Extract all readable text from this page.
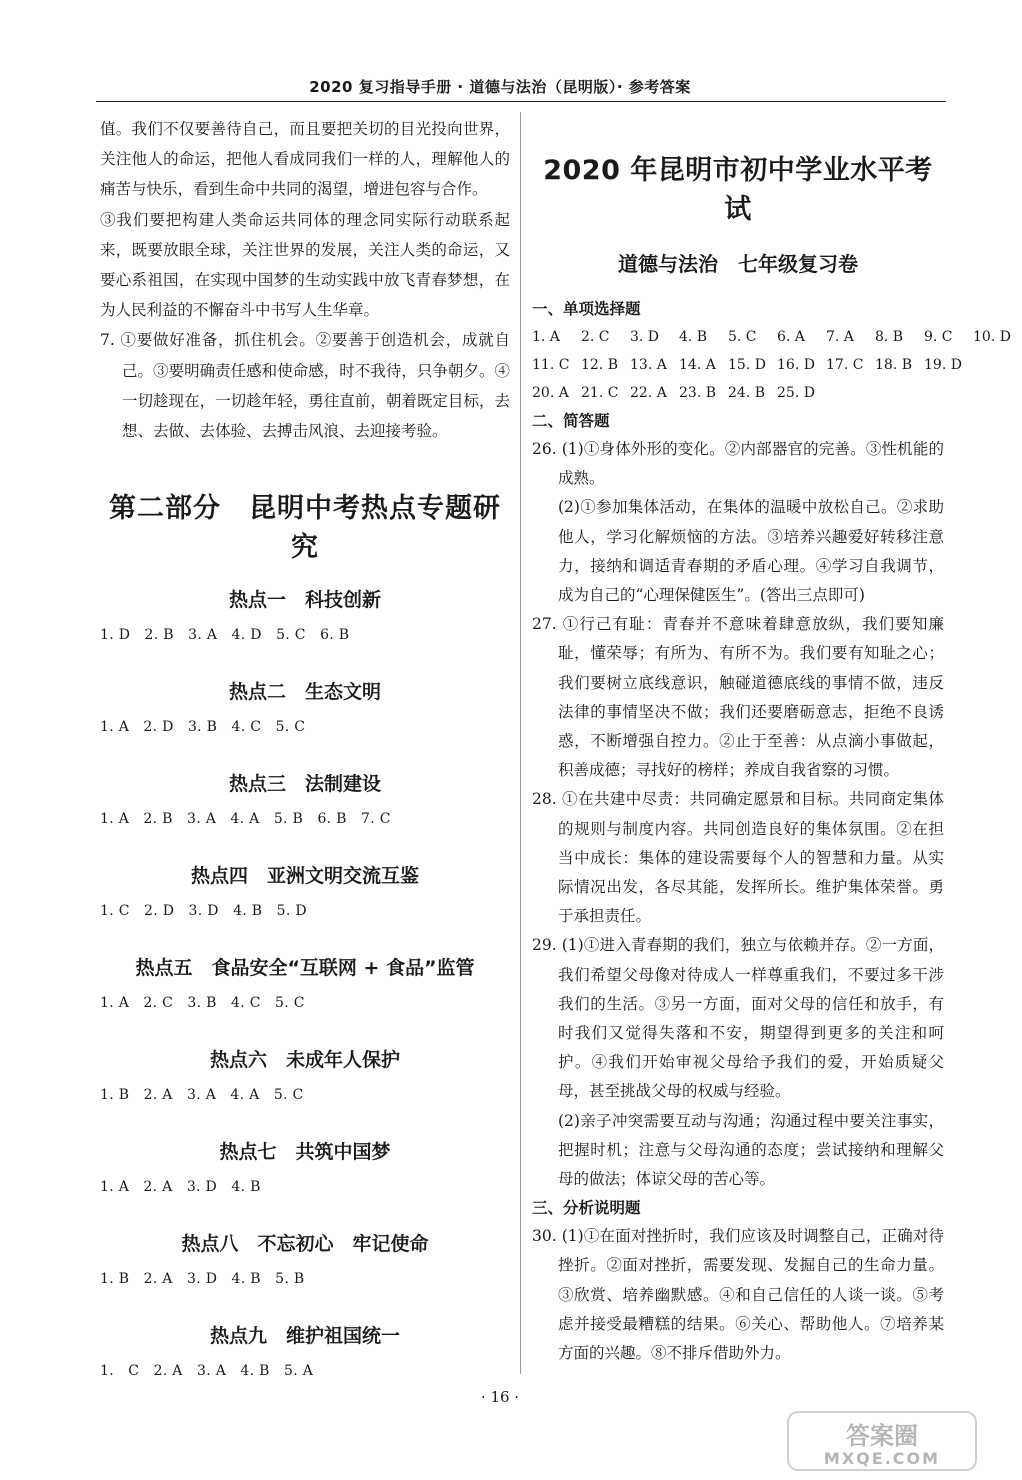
2020 复习指导手册 · 道德与法治（昆明版）· 参考答案
值。我们不仅要善待自己，而且要把关切的目光投向世界，关注他人的命运，把他人看成同我们一样的人，理解他人的痛苦与快乐，看到生命中共同的渴望，增进包容与合作。
③我们要把构建人类命运共同体的理念同实际行动联系起来，既要放眼全球，关注世界的发展，关注人类的命运，又要心系祖国，在实现中国梦的生动实践中放飞青春梦想，在为人民利益的不懈奋斗中书写人生华章。
7. ①要做好准备，抓住机会。②要善于创造机会，成就自己。③要明确责任感和使命感，时不我待，只争朝夕。④一切趁现在，一切趁年轻，勇往直前，朝着既定目标，去想、去做、去体验、去搏击风浪、去迎接考验。
第二部分　昆明中考热点专题研究
热点一　科技创新
1. D　2. B　3. A　4. D　5. C　6. B
热点二　生态文明
1. A　2. D　3. B　4. C　5. C
热点三　法制建设
1. A　2. B　3. A　4. A　5. B　6. B　7. C
热点四　亚洲文明交流互鉴
1. C　2. D　3. D　4. B　5. D
热点五　食品安全“互联网 + 食品”监管
1. A　2. C　3. B　4. C　5. C
热点六　未成年人保护
1. B　2. A　3. A　4. A　5. C
热点七　共筑中国梦
1. A　2. A　3. D　4. B
热点八　不忘初心　牢记使命
1. B　2. A　3. D　4. B　5. B
热点九　维护祖国统一
1.　C　2. A　3. A　4. B　5. A
2020 年昆明市初中学业水平考试
道德与法治　七年级复习卷
一、单项选择题
1. A 2. C 3. D 4. B 5. C 6. A 7. A 8. B 9. C 10. D
11. C 12. B 13. A 14. A 15. D 16. D 17. C 18. B 19. D
20. A 21. C 22. A 23. B 24. B 25. D
二、简答题
26. (1)①身体外形的变化。②内部器官的完善。③性机能的成熟。
(2)①参加集体活动，在集体的温暖中放松自己。②求助他人，学习化解烦恼的方法。③培养兴趣爱好转移注意力，接纳和调适青春期的矛盾心理。④学习自我调节，成为自己的“心理保健医生”。(答出三点即可)
27. ①行己有耻：青春并不意味着肆意放纵，我们要知廉耻，懂荣辱；有所为、有所不为。我们要有知耻之心；我们要树立底线意识，触碰道德底线的事情不做，违反法律的事情坚决不做；我们还要磨砺意志，拒绝不良诱惑，不断增强自控力。②止于至善：从点滴小事做起，积善成德；寻找好的榜样；养成自我省察的习惯。
28. ①在共建中尽责：共同确定愿景和目标。共同商定集体的规则与制度内容。共同创造良好的集体氛围。②在担当中成长：集体的建设需要每个人的智慧和力量。从实际情况出发，各尽其能，发挥所长。维护集体荣誉。勇于承担责任。
29. (1)①进入青春期的我们，独立与依赖并存。②一方面，我们希望父母像对待成人一样尊重我们，不要过多干涉我们的生活。③另一方面，面对父母的信任和放手，有时我们又觉得失落和不安，期望得到更多的关注和呵护。④我们开始审视父母给予我们的爱，开始质疑父母，甚至挑战父母的权威与经验。
(2)亲子冲突需要互动与沟通；沟通过程中要关注事实，把握时机；注意与父母沟通的态度；尝试接纳和理解父母的做法；体谅父母的苦心等。
三、分析说明题
30. (1)①在面对挫折时，我们应该及时调整自己，正确对待挫折。②面对挫折，需要发现、发掘自己的生命力量。③欣赏、培养幽默感。④和自己信任的人谈一谈。⑤考虑并接受最糟糕的结果。⑥关心、帮助他人。⑦培养某方面的兴趣。⑧不排斥借助外力。
· 16 ·
答案圈
MXQE.COM
